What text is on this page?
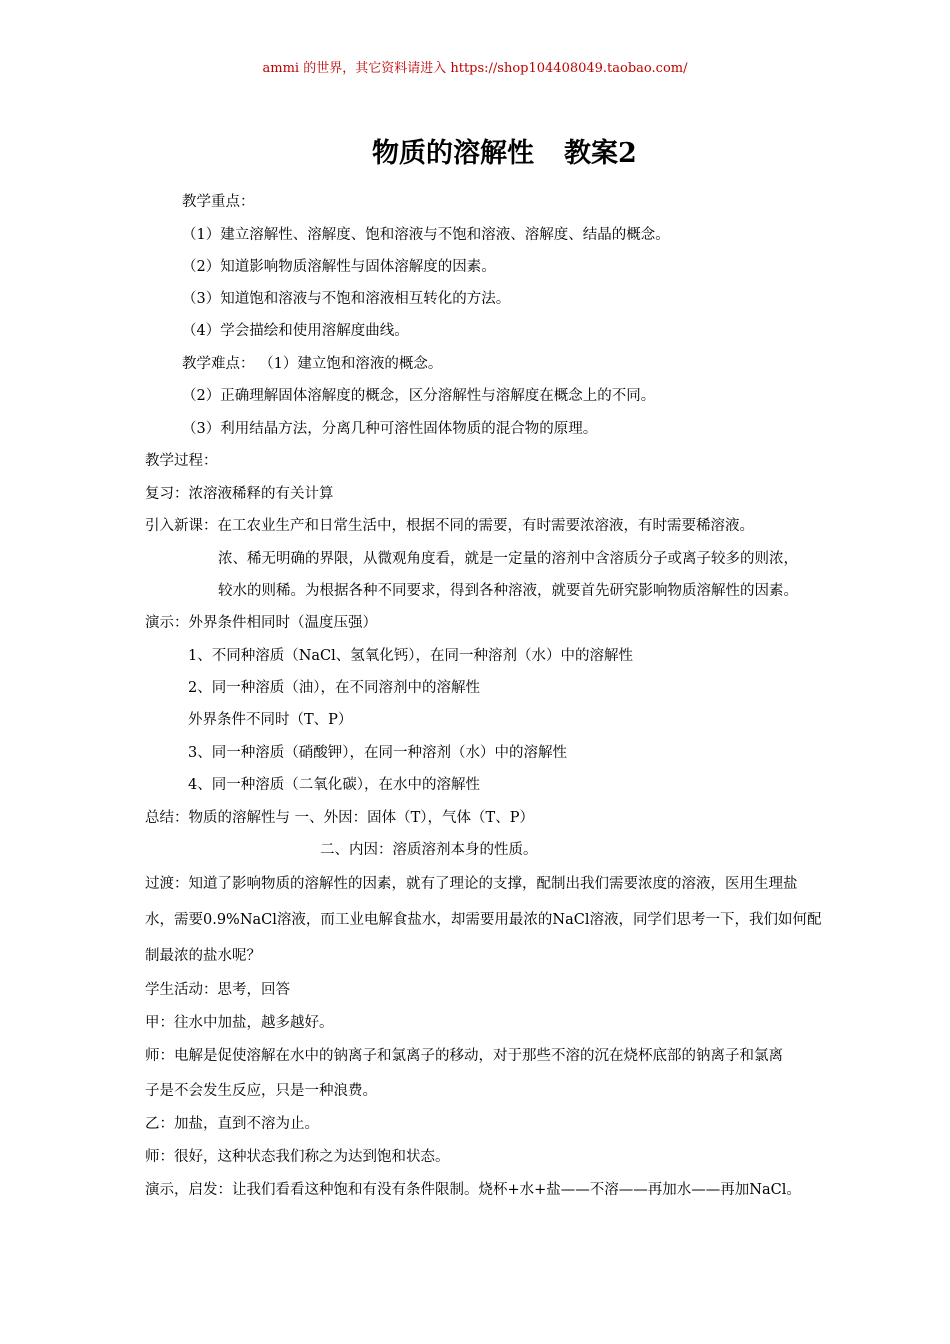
ammi 的世界，其它资料请进入 https://shop104408049.taobao.com/
物质的溶解性 教案2
教学重点：
（1）建立溶解性、溶解度、饱和溶液与不饱和溶液、溶解度、结晶的概念。
（2）知道影响物质溶解性与固体溶解度的因素。
（3）知道饱和溶液与不饱和溶液相互转化的方法。
（4）学会描绘和使用溶解度曲线。
教学难点： （1）建立饱和溶液的概念。
（2）正确理解固体溶解度的概念，区分溶解性与溶解度在概念上的不同。
（3）利用结晶方法，分离几种可溶性固体物质的混合物的原理。
教学过程：
复习：浓溶液稀释的有关计算
引入新课：在工农业生产和日常生活中，根据不同的需要，有时需要浓溶液，有时需要稀溶液。
浓、稀无明确的界限，从微观角度看，就是一定量的溶剂中含溶质分子或离子较多的则浓，
较水的则稀。为根据各种不同要求，得到各种溶液，就要首先研究影响物质溶解性的因素。
演示：外界条件相同时（温度压强）
1、不同种溶质（NaCl、氢氧化钙），在同一种溶剂（水）中的溶解性
2、同一种溶质（油），在不同溶剂中的溶解性
外界条件不同时（T、P）
3、同一种溶质（硝酸钾），在同一种溶剂（水）中的溶解性
4、同一种溶质（二氧化碳），在水中的溶解性
总结：物质的溶解性与 一、外因：固体（T），气体（T、P）
二、内因：溶质溶剂本身的性质。
过渡：知道了影响物质的溶解性的因素，就有了理论的支撑，配制出我们需要浓度的溶液，医用生理盐
水，需要0.9%NaCl溶液，而工业电解食盐水，却需要用最浓的NaCl溶液，同学们思考一下，我们如何配
制最浓的盐水呢？
学生活动：思考，回答
甲：往水中加盐，越多越好。
师：电解是促使溶解在水中的钠离子和氯离子的移动，对于那些不溶的沉在烧杯底部的钠离子和氯离
子是不会发生反应，只是一种浪费。
乙：加盐，直到不溶为止。
师：很好，这种状态我们称之为达到饱和状态。
演示，启发：让我们看看这种饱和有没有条件限制。烧杯+水+盐——不溶——再加水——再加NaCl。
